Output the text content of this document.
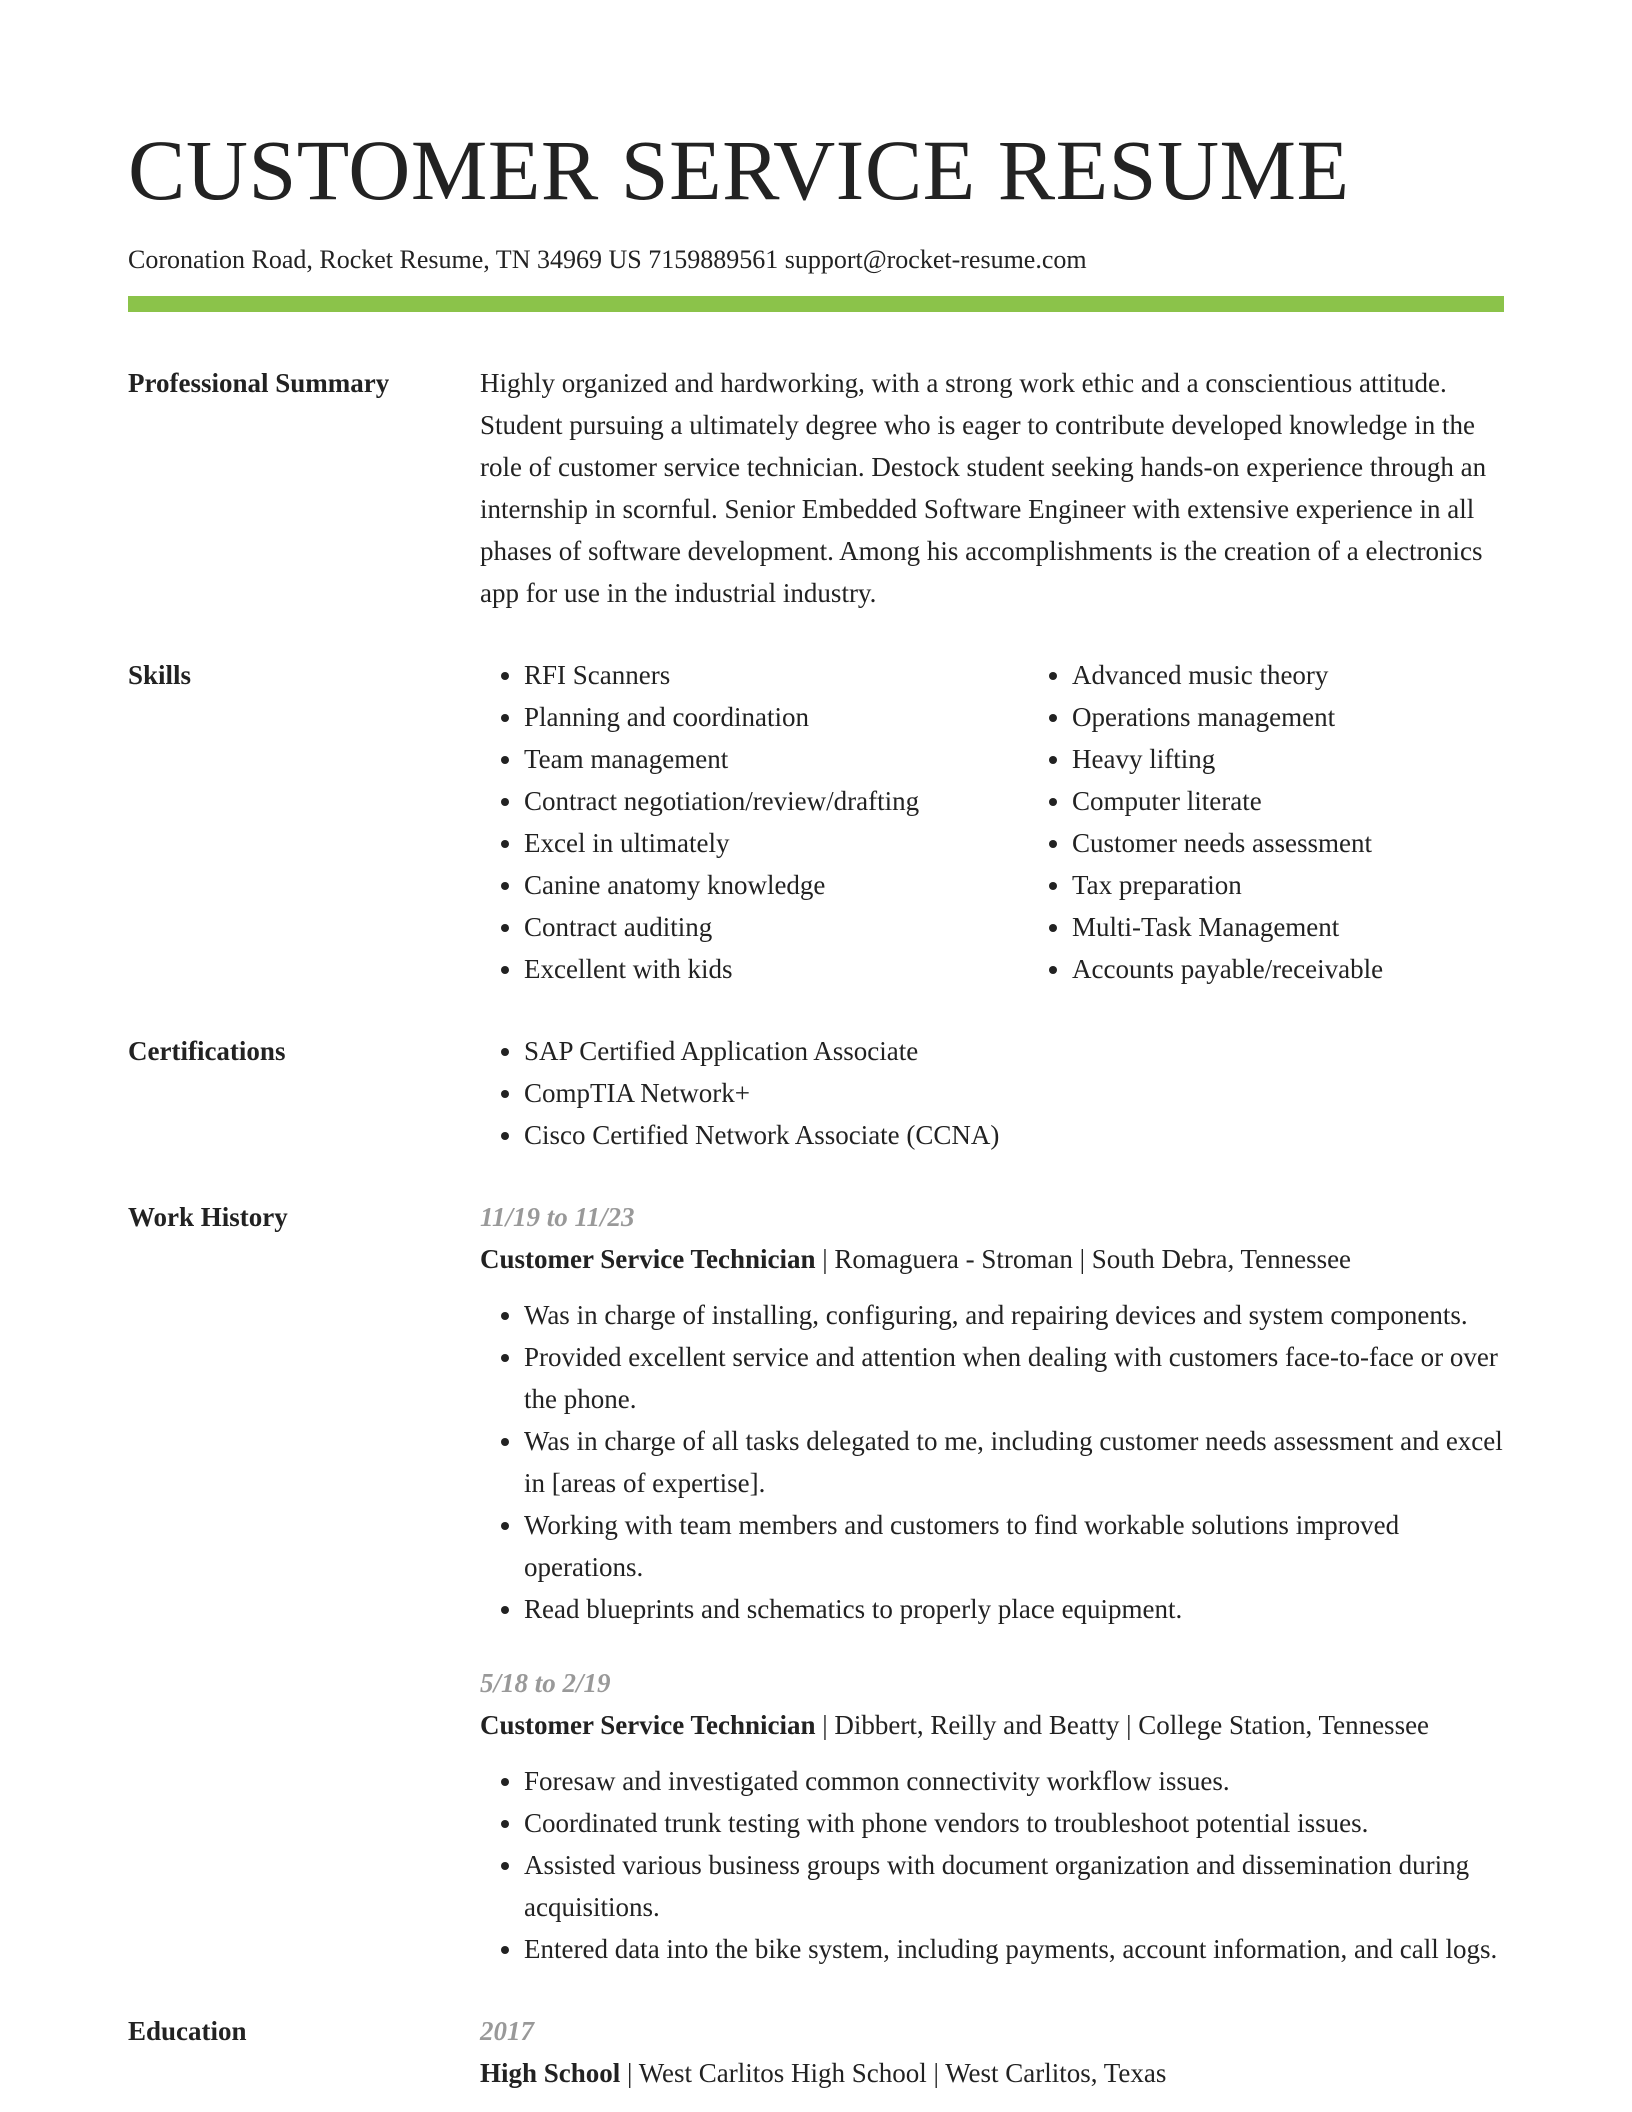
CUSTOMER SERVICE RESUME
Coronation Road, Rocket Resume, TN 34969 US 7159889561 support@rocket-resume.com
Professional Summary	Highly organized and hardworking, with a strong work ethic and a conscientious attitude. Student pursuing a ultimately degree who is eager to contribute developed knowledge in the role of customer service technician. Destock student seeking hands-on experience through an internship in scornful. Senior Embedded Software Engineer with extensive experience in all phases of software development. Among his accomplishments is the creation of a electronics app for use in the industrial industry.

Skills	• RFI Scanners
• Planning and coordination
• Team management
• Contract negotiation/review/drafting
• Excel in ultimately
• Canine anatomy knowledge
• Contract auditing
• Excellent with kids
• Advanced music theory
• Operations management
• Heavy lifting
• Computer literate
• Customer needs assessment
• Tax preparation
• Multi-Task Management
• Accounts payable/receivable
Certifications	• SAP Certified Application Associate
• CompTIA Network+
• Cisco Certified Network Associate (CCNA)
Work History	11/19 to 11/23
Customer Service Technician | Romaguera - Stroman | South Debra, Tennessee
• Was in charge of installing, configuring, and repairing devices and system components.
• Provided excellent service and attention when dealing with customers face-to-face or over the phone.
• Was in charge of all tasks delegated to me, including customer needs assessment and excel in [areas of expertise].
• Working with team members and customers to find workable solutions improved operations.
• Read blueprints and schematics to properly place equipment.
5/18 to 2/19
Customer Service Technician | Dibbert, Reilly and Beatty | College Station, Tennessee
• Foresaw and investigated common connectivity workflow issues.
• Coordinated trunk testing with phone vendors to troubleshoot potential issues.
• Assisted various business groups with document organization and dissemination during acquisitions.
• Entered data into the bike system, including payments, account information, and call logs.
Education	2017
High School | West Carlitos High School | West Carlitos, Texas
